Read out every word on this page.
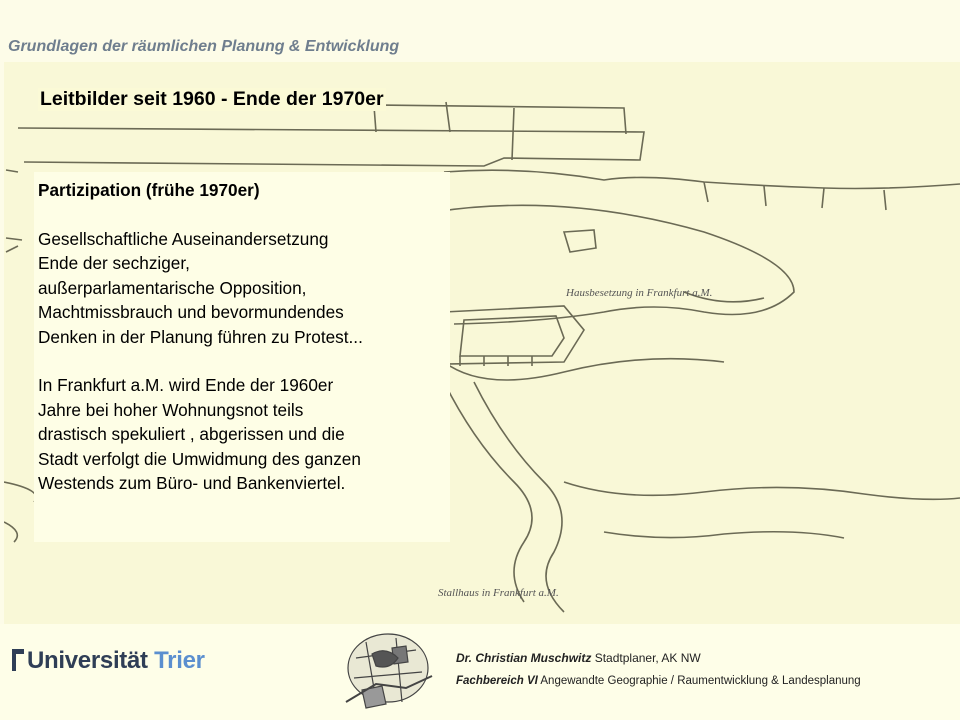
Grundlagen der räumlichen Planung & Entwicklung
Leitbilder seit 1960 - Ende der 1970er

Partizipation (frühe 1970er)

Gesellschaftliche Auseinandersetzung

Ende der sechziger,

außerparlamentarische Opposition,

Machtmissbrauch und bevormundendes

Denken in der Planung führen zu Protest...

In Frankfurt a.M. wird Ende der 1960er

Jahre bei hoher Wohnungsnot teils

drastisch spekuliert , abgerissen und die

Stadt verfolgt die Umwidmung des ganzen

Westends zum Büro- und Bankenviertel.

Hausbesetzung in Frankfurt a.M.
Stallhaus in Frankfurt a.M.
Universität Trier	Dr. Christian Muschwitz Stadtplaner, AK NW
Fachbereich VI Angewandte Geographie / Raumentwicklung & Landesplanung
